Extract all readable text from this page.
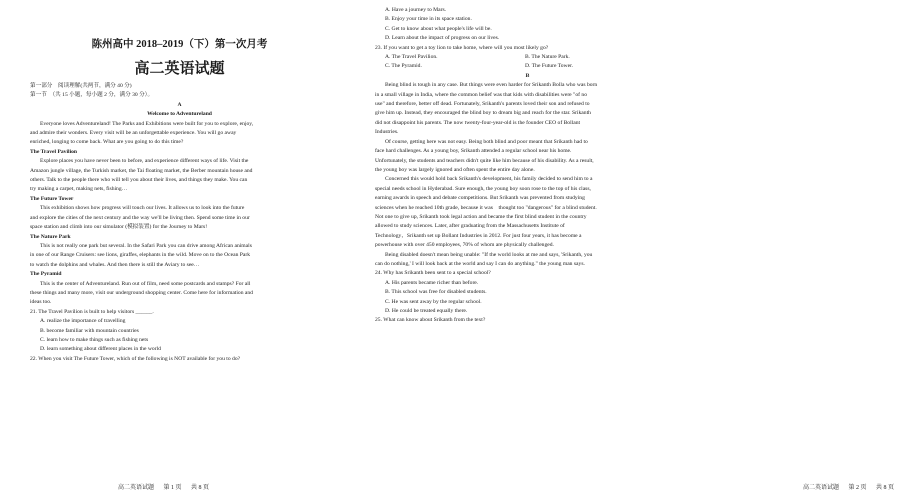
陈州高中 2018–2019（下）第一次月考
高二英语试题

第一部分　阅读理解(共两节，满分 40 分)

第一节　（共 15 小题，每小题 2 分，满分 30 分）。

A

Welcome to Adventureland

Everyone loves Adventureland! The Parks and Exhibitions were built for you to explore, enjoy,

and admire their wonders. Every visit will be an unforgettable experience. You will go away

enriched, longing to come back. What are you going to do this time?

The Travel Pavilion

Explore places you have never been to before, and experience different ways of life. Visit the

Amazon jungle village, the Turkish market, the Tai floating market, the Berber mountain house and

others. Talk to the people there who will tell you about their lives, and things they make. You can

try making a carpet, making nets, fishing…

The Future Tower

This exhibition shows how progress will touch our lives. It allows us to look into the future

and explore the cities of the next century and the way we'll be living then. Spend some time in our

space station and climb into our simulator (模拟装置) for the Journey to Mars!

The Nature Park

This is not really one park but several. In the Safari Park you can drive among African animals

in one of our Range Cruisers: see lions, giraffes, elephants in the wild. Move on to the Ocean Park

to watch the dolphins and whales. And then there is still the Aviary to see…

The Pyramid

This is the center of Adventureland. Run out of film, need some postcards and stamps? For all

these things and many more, visit our underground shopping center. Come here for information and

ideas too.

21. The Travel Pavilion is built to help visitors ______.

A. realize the importance of travelling

B. become familiar with mountain countries

C. learn how to make things such as fishing nets

D. learn something about different places in the world

22. When you visit The Future Tower, which of the following is NOT available for you to do?

高二英语试题 第 1 页 共 8 页

A. Have a journey to Mars.

B. Enjoy your time in its space station.

C. Get to know about what people's life will be.

D. Learn about the impact of progress on our lives.

23. If you want to get a toy lion to take home, where will you most likely go?

A. The Travel Pavilion.	B. The Nature Park.
C. The Pyramid.	D. The Future Tower.

B

Being blind is tough in any case. But things were even harder for Srikanth Bolla who was born

in a small village in India, where the common belief was that kids with disabilities were "of no

use" and therefore, better off dead. Fortunately, Srikanth's parents loved their son and refused to

give him up. Instead, they encouraged the blind boy to dream big and reach for the star. Srikanth

did not disappoint his parents. The now twenty-four-year-old is the founder CEO of Bollant

Industries.

Of course, getting here was not easy. Being both blind and poor meant that Srikanth had to

face hard challenges. As a young boy, Srikanth attended a regular school near his home.

Unfortunately, the students and teachers didn't quite like him because of his disability. As a result,

the young boy was largely ignored and often spent the entire day alone.

Concerned this would hold back Srikanth's development, his family decided to send him to a

special needs school in Hyderabad. Sure enough, the young boy soon rose to the top of his class,

earning awards in speech and debate competitions. But Srikanth was prevented from studying

sciences when he reached 10th grade, because it was　thought too "dangerous" for a blind student.

Not one to give up, Srikanth took legal action and became the first blind student in the country

allowed to study sciences. Later, after graduating from the Massachusetts Institute of

Technology，Srikanth set up Bollant Industries in 2012. For just four years, it has become a

powerhouse with over 450 employees, 70% of whom are physically challenged.

Being disabled doesn't mean being unable: "If the world looks at me and says, 'Srikanth, you

can do nothing,' I will look back at the world and say I can do anything." the young man says.

24. Why has Srikanth been sent to a special school?

A. His parents became richer than before.

B. This school was free for disabled students.

C. He was sent away by the regular school.

D. He could be treated equally there.

25. What can know about Srikanth from the text?

高二英语试题 第 2 页 共 8 页
